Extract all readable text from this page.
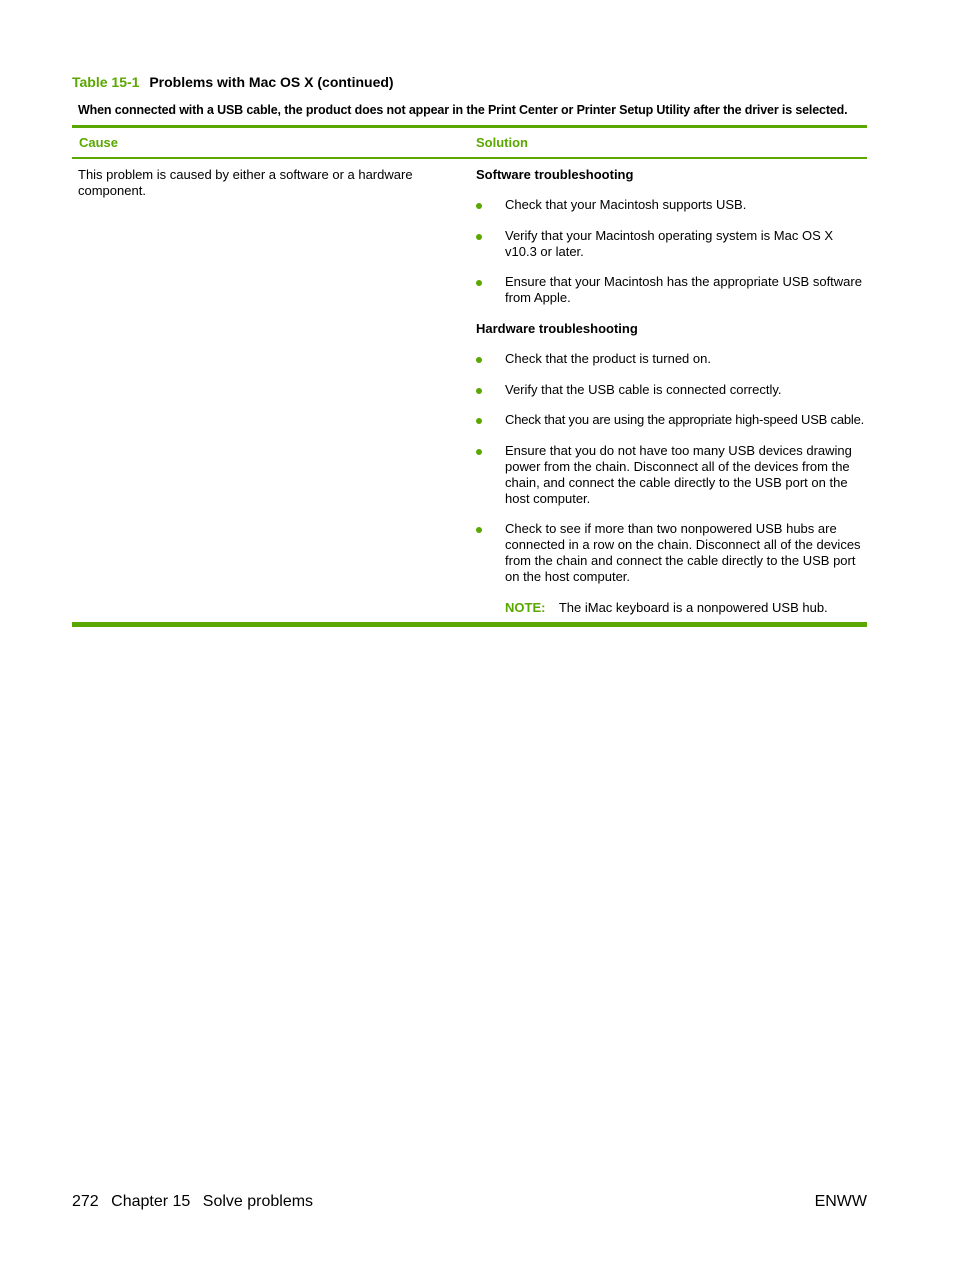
Table 15-1 Problems with Mac OS X (continued)
When connected with a USB cable, the product does not appear in the Print Center or Printer Setup Utility after the driver is selected.
Cause	Solution
This problem is caused by either a software or a hardware component.
Software troubleshooting
Check that your Macintosh supports USB.
Verify that your Macintosh operating system is Mac OS X v10.3 or later.
Ensure that your Macintosh has the appropriate USB software from Apple.
Hardware troubleshooting
Check that the product is turned on.
Verify that the USB cable is connected correctly.
Check that you are using the appropriate high-speed USB cable.
Ensure that you do not have too many USB devices drawing power from the chain. Disconnect all of the devices from the chain, and connect the cable directly to the USB port on the host computer.
Check to see if more than two nonpowered USB hubs are connected in a row on the chain. Disconnect all of the devices from the chain and connect the cable directly to the USB port on the host computer.
NOTE: The iMac keyboard is a nonpowered USB hub.
272 Chapter 15 Solve problems	ENWW
